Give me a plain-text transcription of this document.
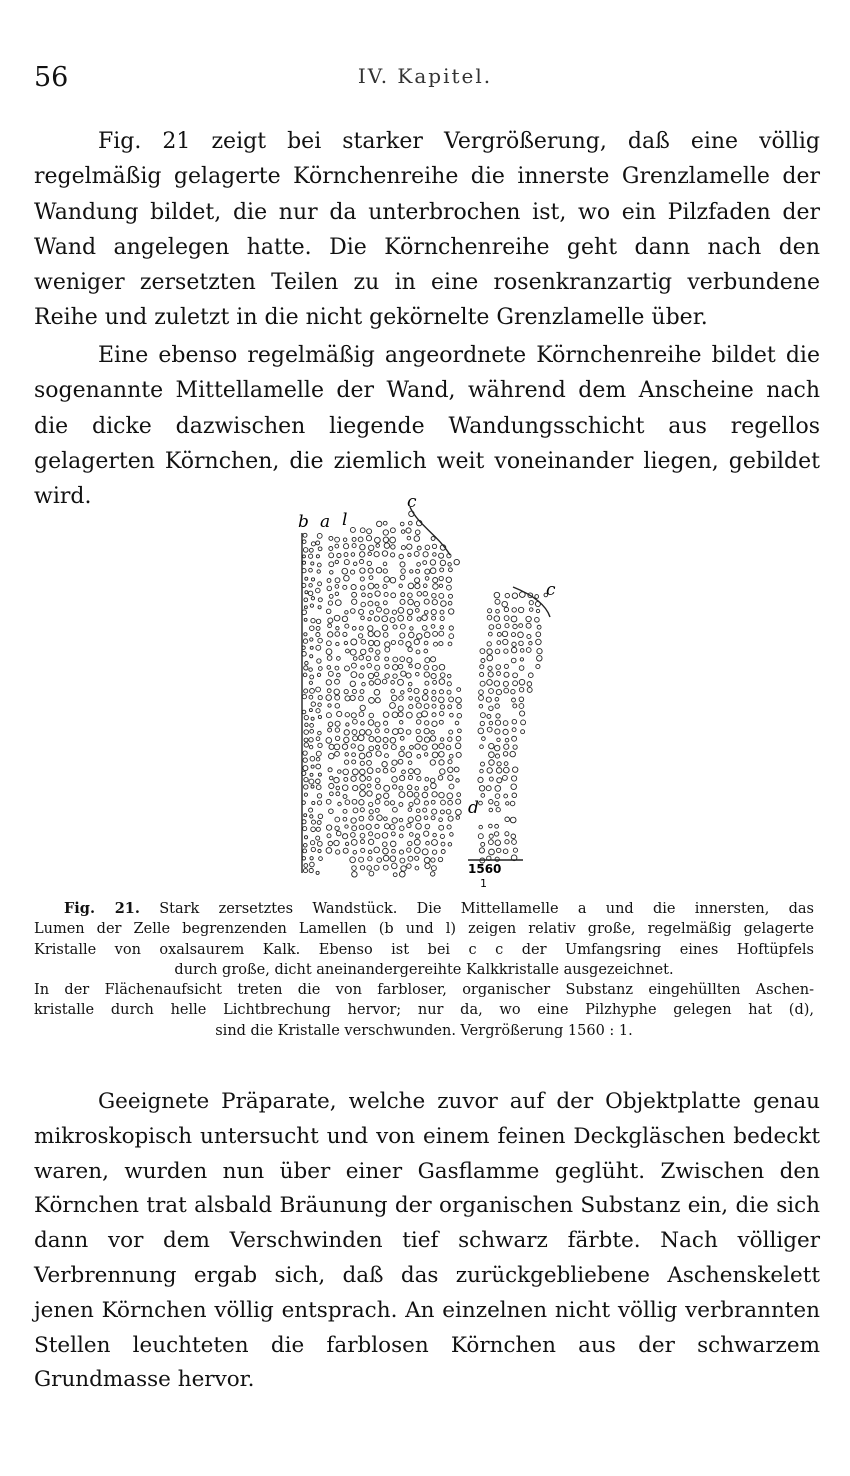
56	IV. Kapitel.
Fig. 21 zeigt bei starker Vergrößerung, daß eine völlig regelmäßig gelagerte Körnchenreihe die innerste Grenzlamelle der Wandung bildet, die nur da unterbrochen ist, wo ein Pilzfaden der Wand angelegen hatte. Die Körnchenreihe geht dann nach den weniger zersetzten Teilen zu in eine rosenkranzartig verbundene Reihe und zuletzt in die nicht gekörnelte Grenzlamelle über.
Eine ebenso regelmäßig angeordnete Körnchenreihe bildet die sogenannte Mittellamelle der Wand, während dem Anscheine nach die dicke dazwischen liegende Wandungsschicht aus regellos gelagerten Körnchen, die ziemlich weit voneinander liegen, gebildet wird.
b a l
c
c
d
1560
1
Fig. 21. Stark zersetztes Wandstück. Die Mittellamelle a und die innersten, das
Lumen der Zelle begrenzenden Lamellen (b und l) zeigen relativ große, regelmäßig gelagerte
Kristalle von oxalsaurem Kalk. Ebenso ist bei c c der Umfangsring eines Hoftüpfels
durch große, dicht aneinandergereihte Kalkkristalle ausgezeichnet.
In der Flächenaufsicht treten die von farbloser, organischer Substanz eingehüllten Aschen-
kristalle durch helle Lichtbrechung hervor; nur da, wo eine Pilzhyphe gelegen hat (d),
sind die Kristalle verschwunden. Vergrößerung 1560 : 1.
Geeignete Präparate, welche zuvor auf der Objektplatte genau mikroskopisch untersucht und von einem feinen Deckgläschen bedeckt waren, wurden nun über einer Gasflamme geglüht. Zwischen den Körnchen trat alsbald Bräunung der organischen Substanz ein, die sich dann vor dem Verschwinden tief schwarz färbte. Nach völliger Verbrennung ergab sich, daß das zurückgebliebene Aschenskelett jenen Körnchen völlig entsprach. An einzelnen nicht völlig verbrannten Stellen leuchteten die farblosen Körnchen aus der schwarzem Grundmasse hervor.
